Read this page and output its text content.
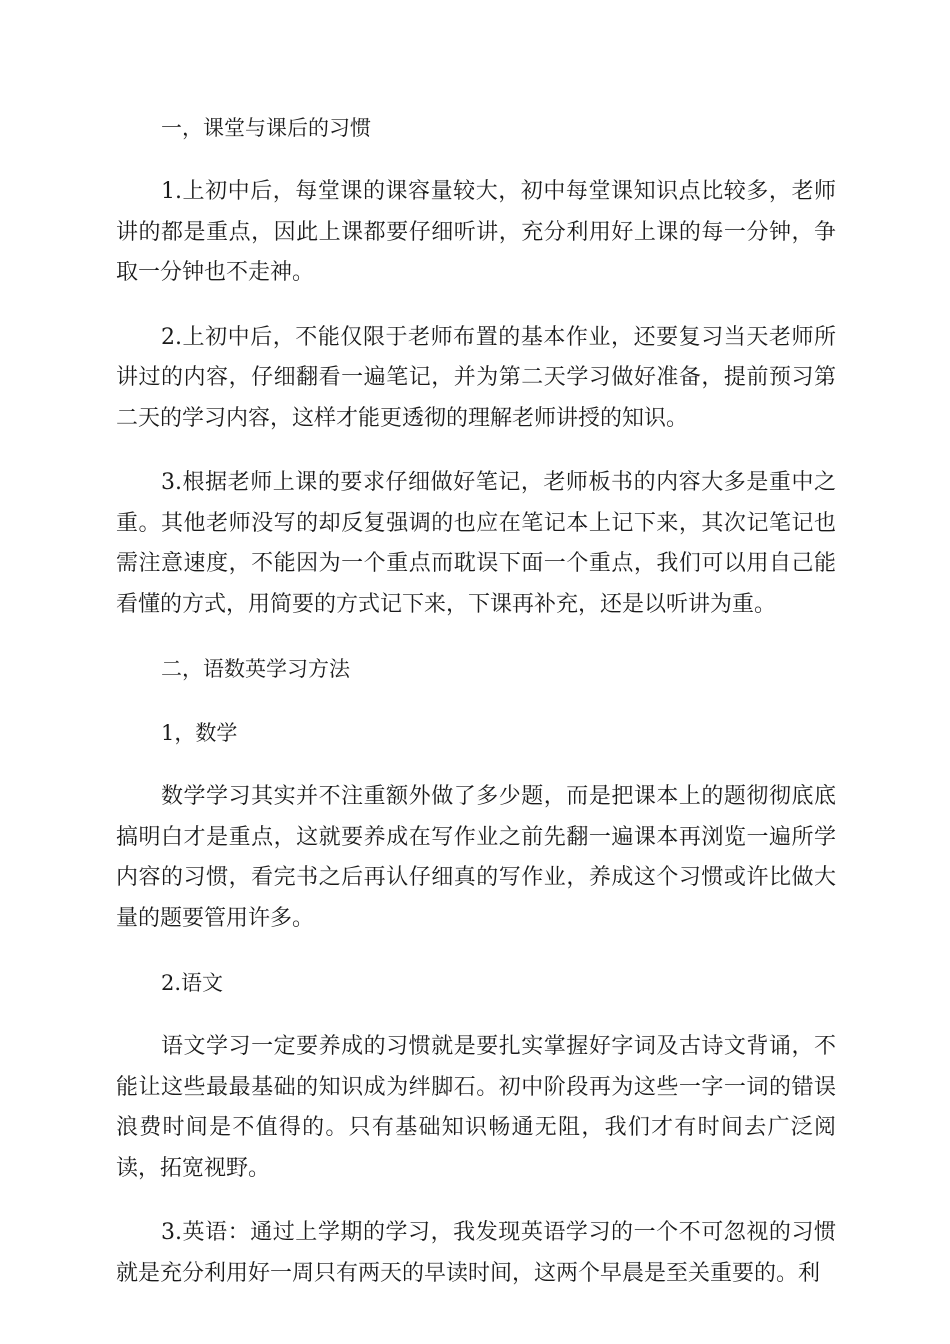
一，课堂与课后的习惯

1.上初中后，每堂课的课容量较大，初中每堂课知识点比较多，老师讲的都是重点，因此上课都要仔细听讲，充分利用好上课的每一分钟，争取一分钟也不走神。

2.上初中后，不能仅限于老师布置的基本作业，还要复习当天老师所讲过的内容，仔细翻看一遍笔记，并为第二天学习做好准备，提前预习第二天的学习内容，这样才能更透彻的理解老师讲授的知识。

3.根据老师上课的要求仔细做好笔记，老师板书的内容大多是重中之重。其他老师没写的却反复强调的也应在笔记本上记下来，其次记笔记也需注意速度，不能因为一个重点而耽误下面一个重点，我们可以用自己能看懂的方式，用简要的方式记下来，下课再补充，还是以听讲为重。

二，语数英学习方法

1，数学

数学学习其实并不注重额外做了多少题，而是把课本上的题彻彻底底搞明白才是重点，这就要养成在写作业之前先翻一遍课本再浏览一遍所学内容的习惯，看完书之后再认仔细真的写作业，养成这个习惯或许比做大量的题要管用许多。

2.语文

语文学习一定要养成的习惯就是要扎实掌握好字词及古诗文背诵，不能让这些最最基础的知识成为绊脚石。初中阶段再为这些一字一词的错误浪费时间是不值得的。只有基础知识畅通无阻，我们才有时间去广泛阅读，拓宽视野。

3.英语：通过上学期的学习，我发现英语学习的一个不可忽视的习惯就是充分利用好一周只有两天的早读时间，这两个早晨是至关重要的。利
